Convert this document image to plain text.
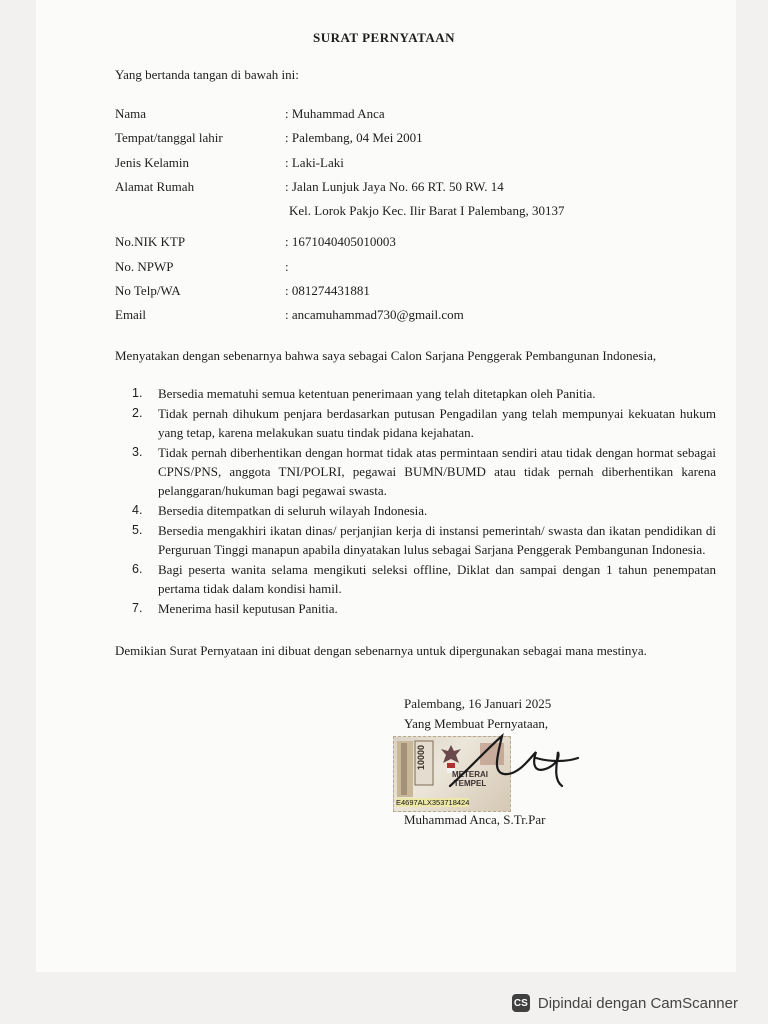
SURAT PERNYATAAN
Yang bertanda tangan di bawah ini:
Nama	: Muhammad Anca
Tempat/tanggal lahir	: Palembang, 04 Mei 2001
Jenis Kelamin	: Laki-Laki
Alamat Rumah	: Jalan Lunjuk Jaya No. 66 RT. 50 RW. 14
Kel. Lorok Pakjo Kec. Ilir Barat I Palembang, 30137
No.NIK KTP	: 1671040405010003
No. NPWP	:
No Telp/WA	: 081274431881
Email	: ancamuhammad730@gmail.com
Menyatakan dengan sebenarnya bahwa saya sebagai Calon Sarjana Penggerak Pembangunan Indonesia,
1. Bersedia mematuhi semua ketentuan penerimaan yang telah ditetapkan oleh Panitia.
2. Tidak pernah dihukum penjara berdasarkan putusan Pengadilan yang telah mempunyai kekuatan hukum yang tetap, karena melakukan suatu tindak pidana kejahatan.
3. Tidak pernah diberhentikan dengan hormat tidak atas permintaan sendiri atau tidak dengan hormat sebagai CPNS/PNS, anggota TNI/POLRI, pegawai BUMN/BUMD atau tidak pernah diberhentikan karena pelanggaran/hukuman bagi pegawai swasta.
4. Bersedia ditempatkan di seluruh wilayah Indonesia.
5. Bersedia mengakhiri ikatan dinas/ perjanjian kerja di instansi pemerintah/ swasta dan ikatan pendidikan di Perguruan Tinggi manapun apabila dinyatakan lulus sebagai Sarjana Penggerak Pembangunan Indonesia.
6. Bagi peserta wanita selama mengikuti seleksi offline, Diklat dan sampai dengan 1 tahun penempatan pertama tidak dalam kondisi hamil.
7. Menerima hasil keputusan Panitia.
Demikian Surat Pernyataan ini dibuat dengan sebenarnya untuk dipergunakan sebagai mana mestinya.
Palembang, 16 Januari 2025
Yang Membuat Pernyataan,
10000
METERAI
TEMPEL
E4697ALX353718424
Muhammad Anca, S.Tr.Par
CS Dipindai dengan CamScanner
